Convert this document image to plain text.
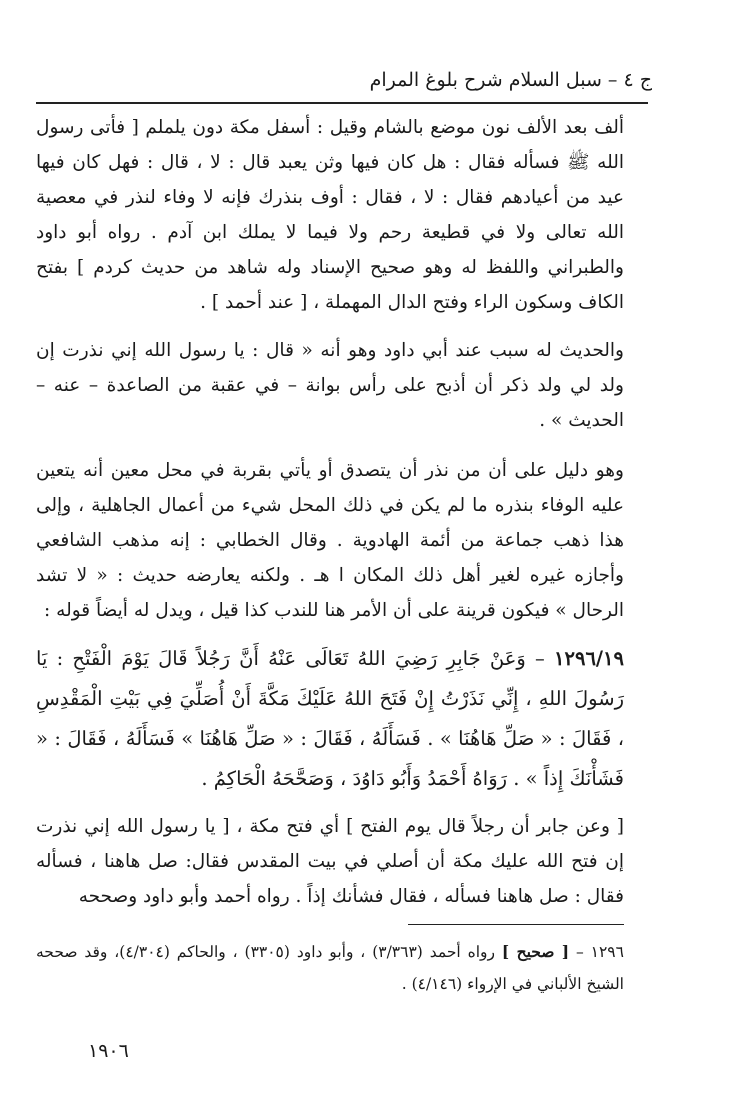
ج ٤ – سبل السلام شرح بلوغ المرام

ألف بعد الألف نون موضع بالشام وقيل : أسفل مكة دون يلملم [ فأتى رسول الله ﷺ فسأله فقال : هل كان فيها وثن يعبد قال : لا ، قال : فهل كان فيها عيد من أعيادهم فقال : لا ، فقال : أوف بنذرك فإنه لا وفاء لنذر في معصية الله تعالى ولا في قطيعة رحم ولا فيما لا يملك ابن آدم . رواه أبو داود والطبراني واللفظ له وهو صحيح الإسناد وله شاهد من حديث كردم ] بفتح الكاف وسكون الراء وفتح الدال المهملة ، [ عند أحمد ] .

والحديث له سبب عند أبي داود وهو أنه « قال : يا رسول الله إني نذرت إن ولد لي ولد ذكر أن أذبح على رأس بوانة – في عقبة من الصاعدة – عنه – الحديث » .

وهو دليل على أن من نذر أن يتصدق أو يأتي بقربة في محل معين أنه يتعين عليه الوفاء بنذره ما لم يكن في ذلك المحل شيء من أعمال الجاهلية ، وإلى هذا ذهب جماعة من أئمة الهادوية . وقال الخطابي : إنه مذهب الشافعي وأجازه غيره لغير أهل ذلك المكان ا هـ . ولكنه يعارضه حديث : « لا تشد الرحال » فيكون قرينة على أن الأمر هنا للندب كذا قيل ، ويدل له أيضاً قوله :

١٢٩٦/١٩ – وَعَنْ جَابِرِ رَضِيَ اللهُ تَعَالَى عَنْهُ أَنَّ رَجُلاً قَالَ يَوْمَ الْفَتْحِ : يَا رَسُولَ اللهِ ، إِنِّي نَذَرْتُ إِنْ فَتَحَ اللهُ عَلَيْكَ مَكَّةَ أَنْ أُصَلِّيَ فِي بَيْتِ الْمَقْدِسِ ، فَقَالَ : « صَلِّ هَاهُنَا » . فَسَأَلَهُ ، فَقَالَ : « صَلِّ هَاهُنَا » فَسَأَلَهُ ، فَقَالَ : « فَشَأْنَكَ إِذاً » . رَوَاهُ أَحْمَدُ وَأَبُو دَاوُدَ ، وَصَحَّحَهُ الْحَاكِمُ .

[ وعن جابر أن رجلاً قال يوم الفتح ] أي فتح مكة ، [ يا رسول الله إني نذرت إن فتح الله عليك مكة أن أصلي في بيت المقدس فقال: صل هاهنا ، فسأله فقال : صل هاهنا فسأله ، فقال فشأنك إذاً . رواه أحمد وأبو داود وصححه

١٢٩٦ – [ صحيح ] رواه أحمد (٣/٣٦٣) ، وأبو داود (٣٣٠٥) ، والحاكم (٤/٣٠٤)، وقد صححه الشيخ الألباني في الإرواء (٤/١٤٦) .
١٩٠٦
